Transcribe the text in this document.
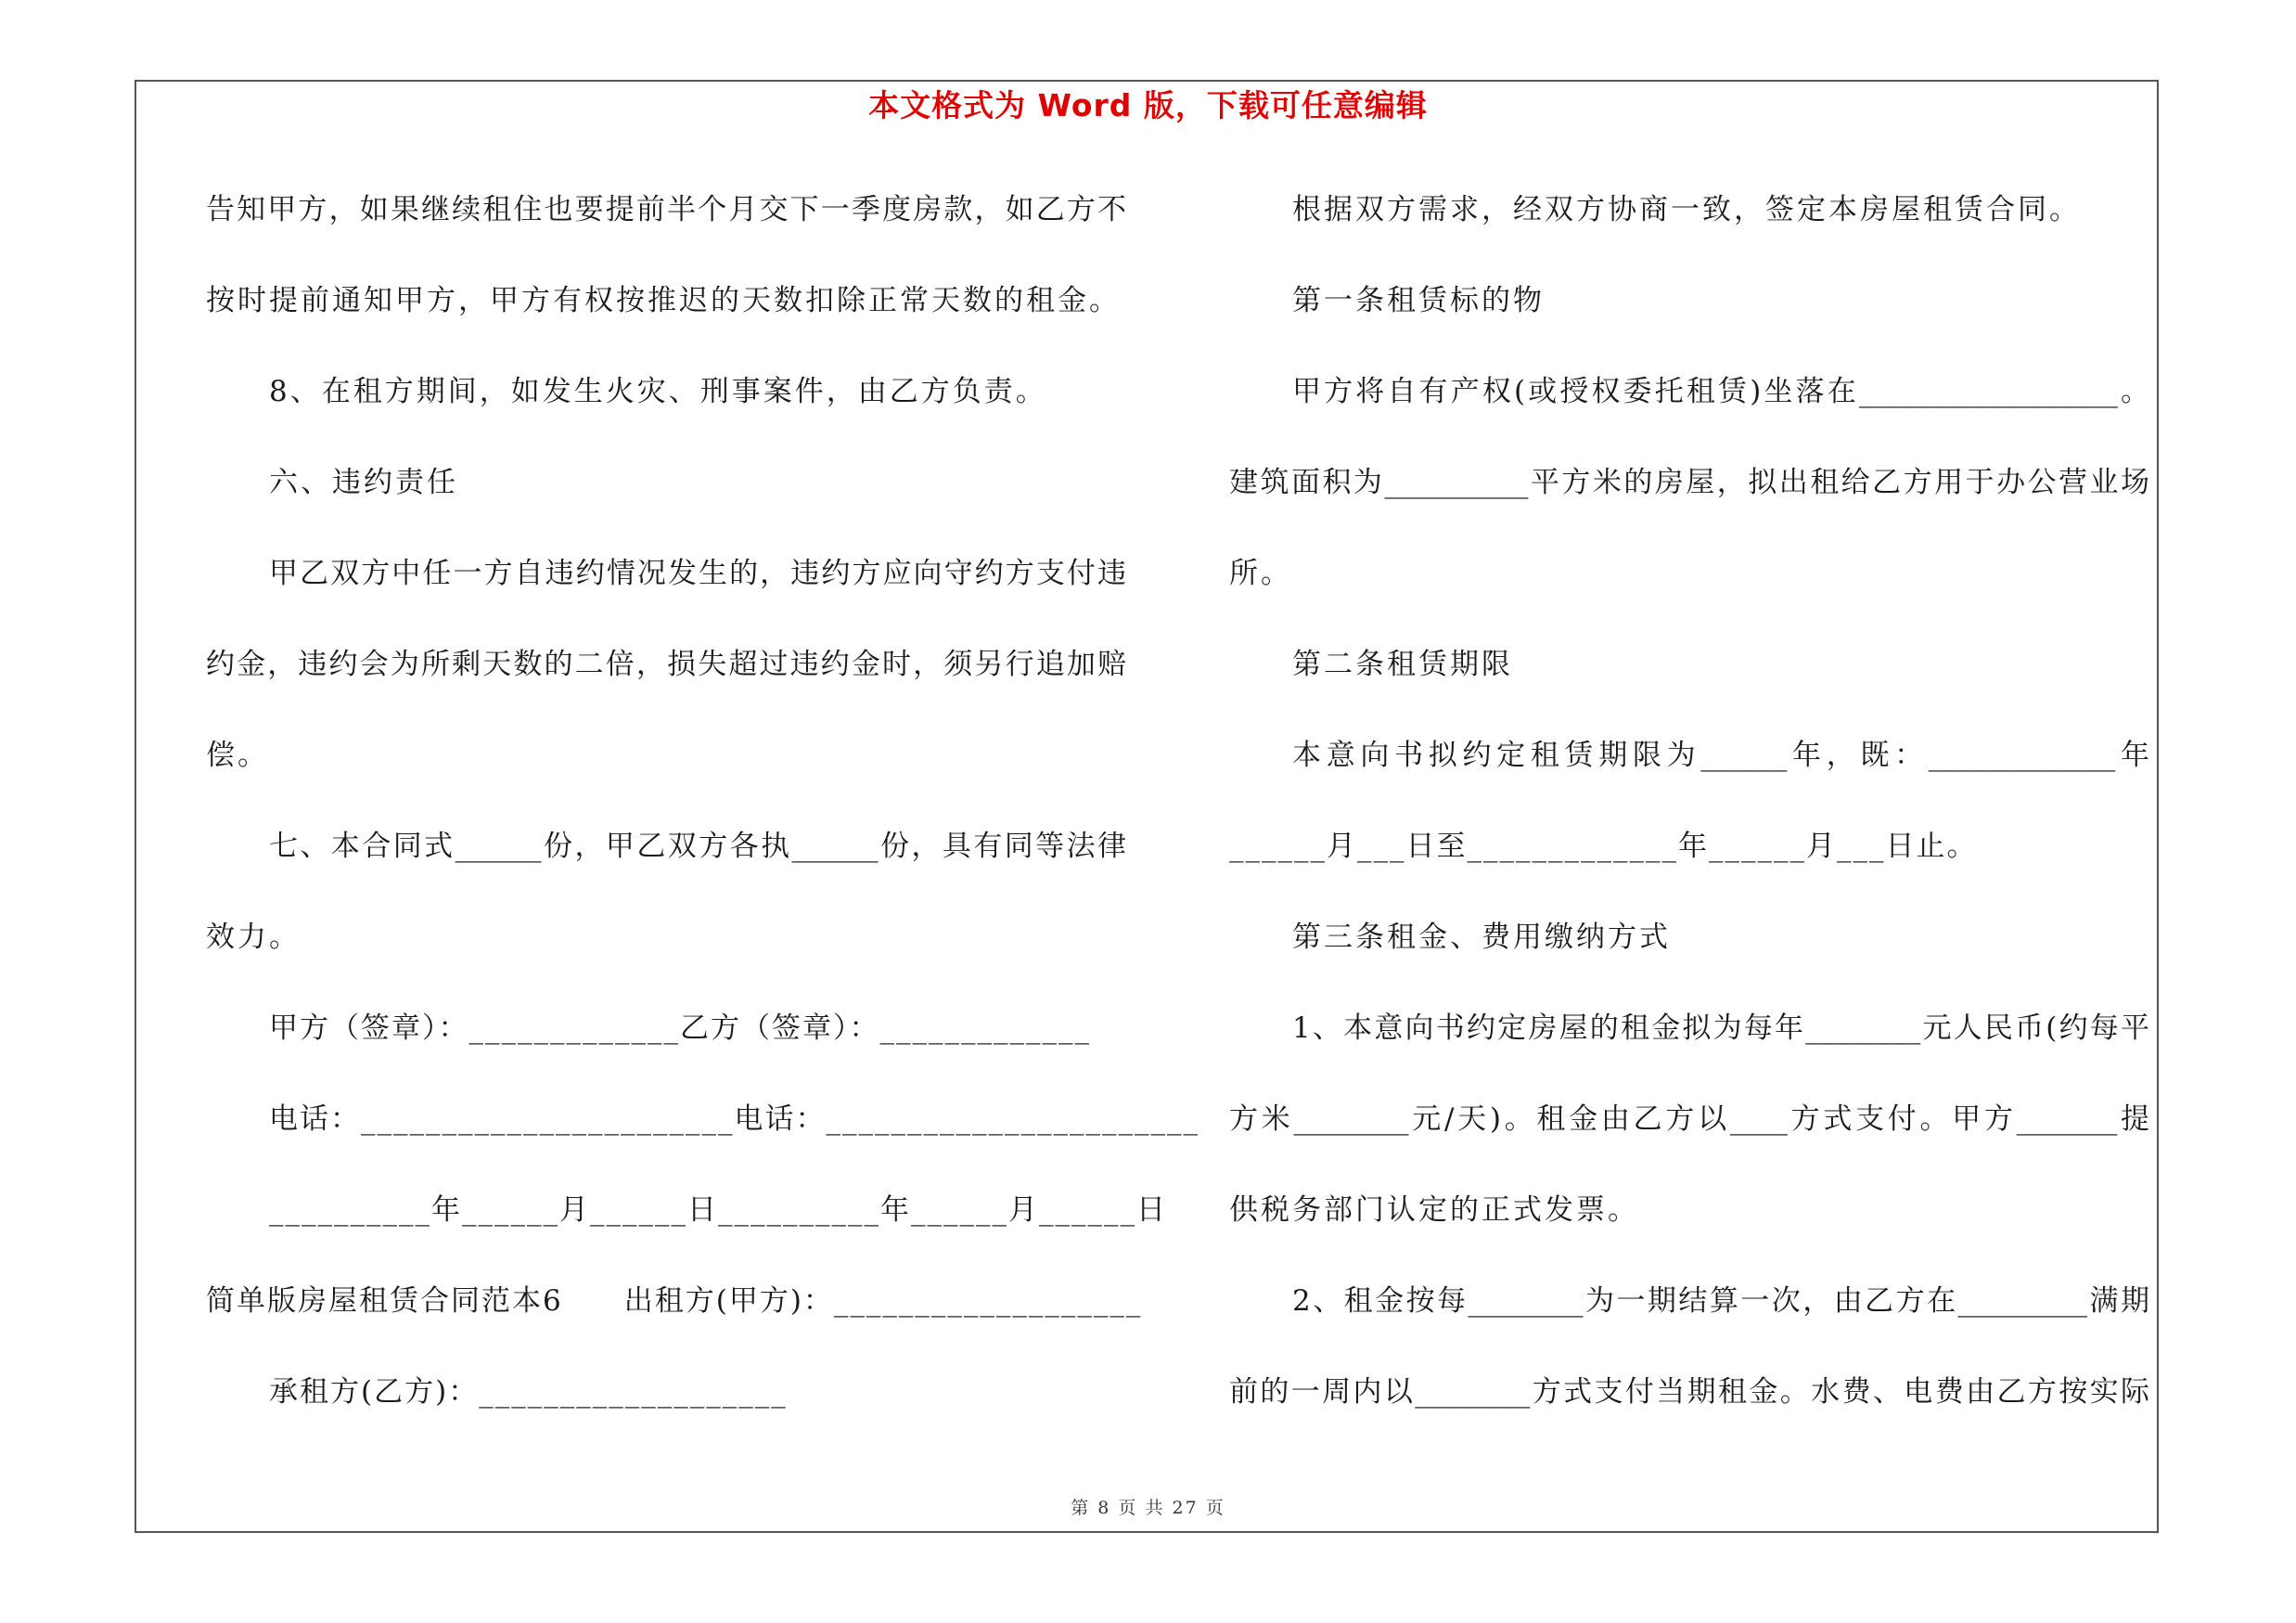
本文格式为 Word 版，下载可任意编辑
告知甲方，如果继续租住也要提前半个月交下一季度房款，如乙方不
按时提前通知甲方，甲方有权按推迟的天数扣除正常天数的租金。
8、在租方期间，如发生火灾、刑事案件，由乙方负责。
六、违约责任
甲乙双方中任一方自违约情况发生的，违约方应向守约方支付违
约金，违约会为所剩天数的二倍，损失超过违约金时，须另行追加赔
偿。
七、本合同式______份，甲乙双方各执______份，具有同等法律
效力。
甲方（签章）：_____________乙方（签章）：_____________
电话：_______________________电话：_______________________
__________年______月______日__________年______月______日
简单版房屋租赁合同范本6　　出租方(甲方)：___________________
承租方(乙方)：___________________
根据双方需求，经双方协商一致，签定本房屋租赁合同。
第一条租赁标的物
甲方将自有产权(或授权委托租赁)坐落在__________________。
建筑面积为__________平方米的房屋，拟出租给乙方用于办公营业场
所。
第二条租赁期限
本意向书拟约定租赁期限为______年，既：_____________年
______月___日至_____________年______月___日止。
第三条租金、费用缴纳方式
1、本意向书约定房屋的租金拟为每年________元人民币(约每平
方米________元/天)。租金由乙方以____方式支付。甲方_______提
供税务部门认定的正式发票。
2、租金按每________为一期结算一次，由乙方在_________满期
前的一周内以________方式支付当期租金。水费、电费由乙方按实际
第 8 页 共 27 页
